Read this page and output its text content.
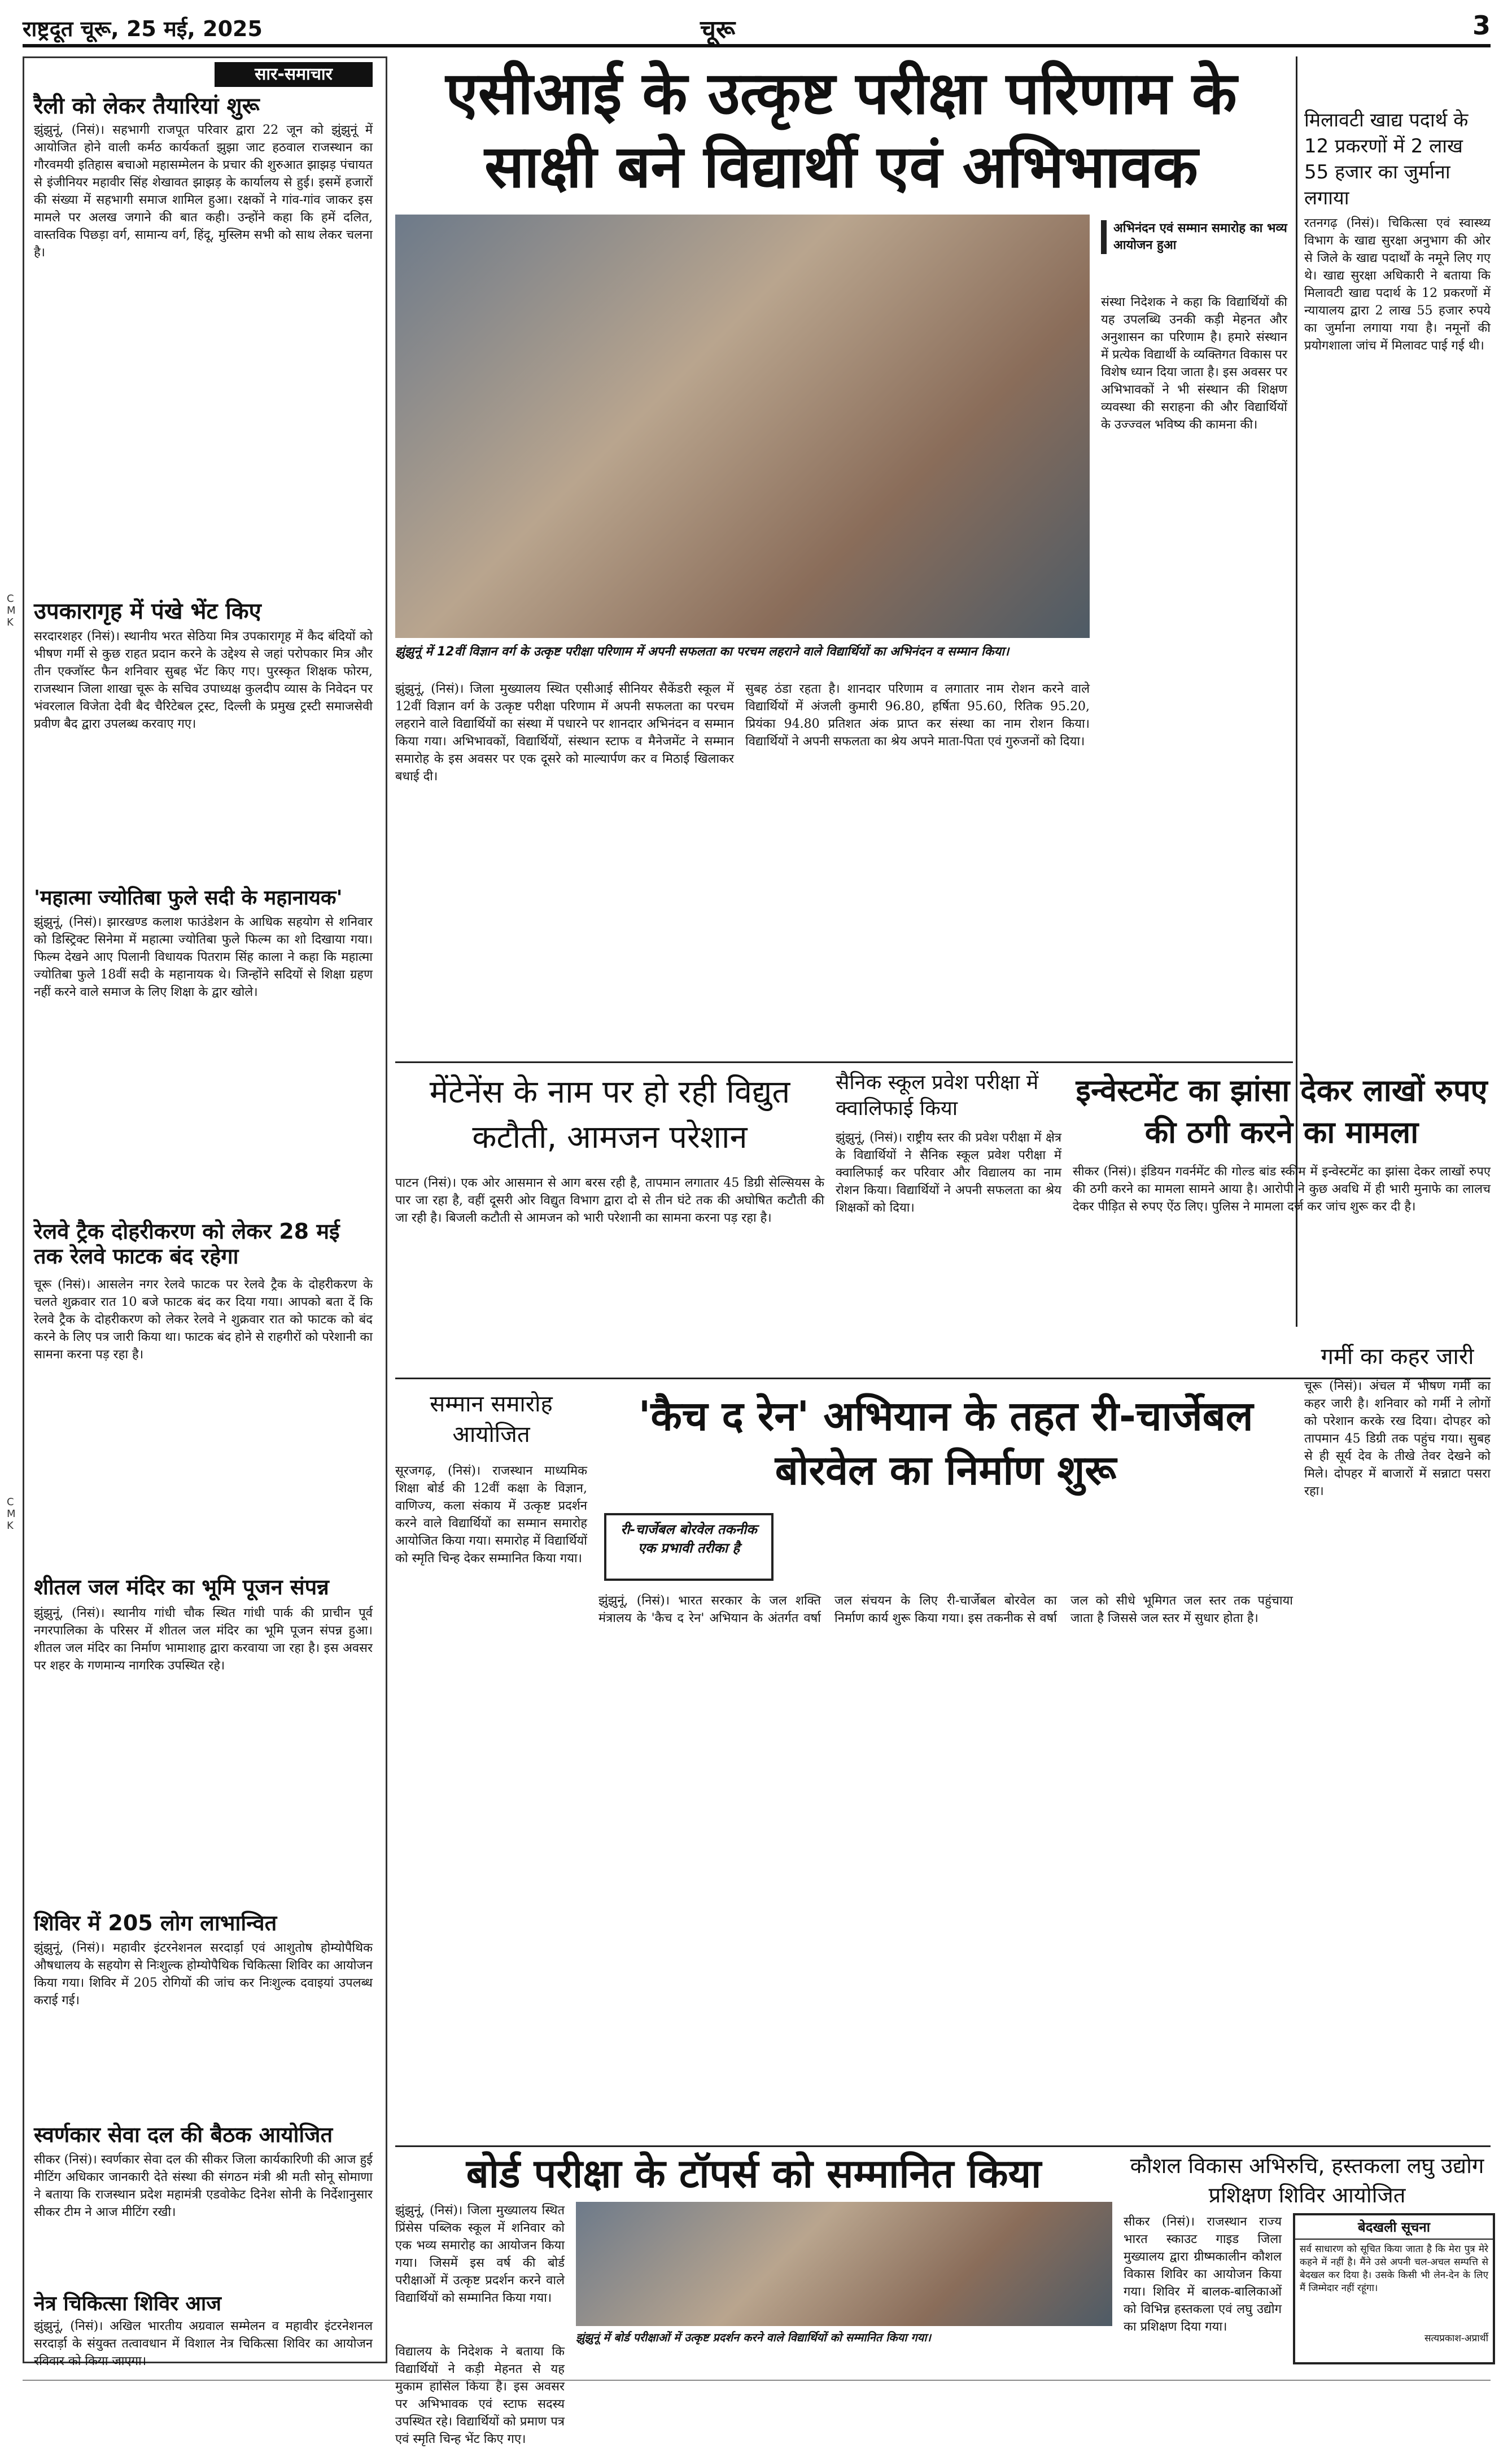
राष्ट्रदूत चूरू, 25 मई, 2025	चूरू	3
सार-समाचार
रैली को लेकर तैयारियां शुरू
झुंझुनूं, (निसं)। सहभागी राजपूत परिवार द्वारा 22 जून को झुंझुनूं में आयोजित होने वाली कर्मठ कार्यकर्ता झुझा जाट हठवाल राजस्थान का गौरवमयी इतिहास बचाओ महासम्मेलन के प्रचार की शुरुआत झाझड़ पंचायत से इंजीनियर महावीर सिंह शेखावत झाझड़ के कार्यालय से हुई। इसमें हजारों की संख्या में सहभागी समाज शामिल हुआ। रक्षकों ने गांव-गांव जाकर इस मामले पर अलख जगाने की बात कही। उन्होंने कहा कि हमें दलित, वास्तविक पिछड़ा वर्ग, सामान्य वर्ग, हिंदू, मुस्लिम सभी को साथ लेकर चलना है।
उपकारागृह में पंखे भेंट किए
सरदारशहर (निसं)। स्थानीय भरत सेठिया मित्र उपकारागृह में कैद बंदियों को भीषण गर्मी से कुछ राहत प्रदान करने के उद्देश्य से जहां परोपकार मित्र और तीन एक्जॉस्ट फैन शनिवार सुबह भेंट किए गए। पुरस्कृत शिक्षक फोरम, राजस्थान जिला शाखा चूरू के सचिव उपाध्यक्ष कुलदीप व्यास के निवेदन पर भंवरलाल विजेता देवी बैद चैरिटेबल ट्रस्ट, दिल्ली के प्रमुख ट्रस्टी समाजसेवी प्रवीण बैद द्वारा उपलब्ध करवाए गए।
'महात्मा ज्योतिबा फुले सदी के महानायक'
झुंझुनूं, (निसं)। झारखण्ड कलाश फाउंडेशन के आधिक सहयोग से शनिवार को डिस्ट्रिक्ट सिनेमा में महात्मा ज्योतिबा फुले फिल्म का शो दिखाया गया। फिल्म देखने आए पिलानी विधायक पितराम सिंह काला ने कहा कि महात्मा ज्योतिबा फुले 18वीं सदी के महानायक थे। जिन्होंने सदियों से शिक्षा ग्रहण नहीं करने वाले समाज के लिए शिक्षा के द्वार खोले।
रेलवे ट्रैक दोहरीकरण को लेकर 28 मई तक रेलवे फाटक बंद रहेगा
चूरू (निसं)। आसलेन नगर रेलवे फाटक पर रेलवे ट्रैक के दोहरीकरण के चलते शुक्रवार रात 10 बजे फाटक बंद कर दिया गया। आपको बता दें कि रेलवे ट्रैक के दोहरीकरण को लेकर रेलवे ने शुक्रवार रात को फाटक को बंद करने के लिए पत्र जारी किया था। फाटक बंद होने से राहगीरों को परेशानी का सामना करना पड़ रहा है।
शीतल जल मंदिर का भूमि पूजन संपन्न
झुंझुनूं, (निसं)। स्थानीय गांधी चौक स्थित गांधी पार्क की प्राचीन पूर्व नगरपालिका के परिसर में शीतल जल मंदिर का भूमि पूजन संपन्न हुआ। शीतल जल मंदिर का निर्माण भामाशाह द्वारा करवाया जा रहा है। इस अवसर पर शहर के गणमान्य नागरिक उपस्थित रहे।
शिविर में 205 लोग लाभान्वित
झुंझुनूं, (निसं)। महावीर इंटरनेशनल सरदार्ड़ा एवं आशुतोष होम्योपैथिक औषधालय के सहयोग से निःशुल्क होम्योपैथिक चिकित्सा शिविर का आयोजन किया गया। शिविर में 205 रोगियों की जांच कर निःशुल्क दवाइयां उपलब्ध कराई गई।
स्वर्णकार सेवा दल की बैठक आयोजित
सीकर (निसं)। स्वर्णकार सेवा दल की सीकर जिला कार्यकारिणी की आज हुई मीटिंग अधिकार जानकारी देते संस्था की संगठन मंत्री श्री मती सोनू सोमाणा ने बताया कि राजस्थान प्रदेश महामंत्री एडवोकेट दिनेश सोनी के निर्देशानुसार सीकर टीम ने आज मीटिंग रखी।
नेत्र चिकित्सा शिविर आज
झुंझुनूं, (निसं)। अखिल भारतीय अग्रवाल सम्मेलन व महावीर इंटरनेशनल सरदार्ड़ा के संयुक्त तत्वावधान में विशाल नेत्र चिकित्सा शिविर का आयोजन रविवार को किया जाएगा।
C
M
K
C
M
K
एसीआई के उत्कृष्ट परीक्षा परिणाम के साक्षी बने विद्यार्थी एवं अभिभावक
झुंझुनूं में 12वीं विज्ञान वर्ग के उत्कृष्ट परीक्षा परिणाम में अपनी सफलता का परचम लहराने वाले विद्यार्थियों का अभिनंदन व सम्मान किया।
अभिनंदन एवं सम्मान समारोह का भव्य आयोजन हुआ
संस्था निदेशक ने कहा कि विद्यार्थियों की यह उपलब्धि उनकी कड़ी मेहनत और अनुशासन का परिणाम है। हमारे संस्थान में प्रत्येक विद्यार्थी के व्यक्तिगत विकास पर विशेष ध्यान दिया जाता है। इस अवसर पर अभिभावकों ने भी संस्थान की शिक्षण व्यवस्था की सराहना की और विद्यार्थियों के उज्ज्वल भविष्य की कामना की।
झुंझुनूं, (निसं)। जिला मुख्यालय स्थित एसीआई सीनियर सैकेंडरी स्कूल में 12वीं विज्ञान वर्ग के उत्कृष्ट परीक्षा परिणाम में अपनी सफलता का परचम लहराने वाले विद्यार्थियों का संस्था में पधारने पर शानदार अभिनंदन व सम्मान किया गया। अभिभावकों, विद्यार्थियों, संस्थान स्टाफ व मैनेजमेंट ने सम्मान समारोह के इस अवसर पर एक दूसरे को माल्यार्पण कर व मिठाई खिलाकर बधाई दी।
सुबह ठंडा रहता है। शानदार परिणाम व लगातार नाम रोशन करने वाले विद्यार्थियों में अंजली कुमारी 96.80, हर्षिता 95.60, रितिक 95.20, प्रियंका 94.80 प्रतिशत अंक प्राप्त कर संस्था का नाम रोशन किया। विद्यार्थियों ने अपनी सफलता का श्रेय अपने माता-पिता एवं गुरुजनों को दिया।
मिलावटी खाद्य पदार्थ के 12 प्रकरणों में 2 लाख 55 हजार का जुर्माना लगाया
रतनगढ़ (निसं)। चिकित्सा एवं स्वास्थ्य विभाग के खाद्य सुरक्षा अनुभाग की ओर से जिले के खाद्य पदार्थों के नमूने लिए गए थे। खाद्य सुरक्षा अधिकारी ने बताया कि मिलावटी खाद्य पदार्थ के 12 प्रकरणों में न्यायालय द्वारा 2 लाख 55 हजार रुपये का जुर्माना लगाया गया है। नमूनों की प्रयोगशाला जांच में मिलावट पाई गई थी।
मेंटेनेंस के नाम पर हो रही विद्युत कटौती, आमजन परेशान
पाटन (निसं)। एक ओर आसमान से आग बरस रही है, तापमान लगातार 45 डिग्री सेल्सियस के पार जा रहा है, वहीं दूसरी ओर विद्युत विभाग द्वारा दो से तीन घंटे तक की अघोषित कटौती की जा रही है। बिजली कटौती से आमजन को भारी परेशानी का सामना करना पड़ रहा है।
सैनिक स्कूल प्रवेश परीक्षा में क्वालिफाई किया
झुंझुनूं, (निसं)। राष्ट्रीय स्तर की प्रवेश परीक्षा में क्षेत्र के विद्यार्थियों ने सैनिक स्कूल प्रवेश परीक्षा में क्वालिफाई कर परिवार और विद्यालय का नाम रोशन किया। विद्यार्थियों ने अपनी सफलता का श्रेय शिक्षकों को दिया।
इन्वेस्टमेंट का झांसा देकर लाखों रुपए की ठगी करने का मामला
सीकर (निसं)। इंडियन गवर्नमेंट की गोल्ड बांड स्कीम में इन्वेस्टमेंट का झांसा देकर लाखों रुपए की ठगी करने का मामला सामने आया है। आरोपी ने कुछ अवधि में ही भारी मुनाफे का लालच देकर पीड़ित से रुपए ऐंठ लिए। पुलिस ने मामला दर्ज कर जांच शुरू कर दी है।
सम्मान समारोह आयोजित
सूरजगढ़, (निसं)। राजस्थान माध्यमिक शिक्षा बोर्ड की 12वीं कक्षा के विज्ञान, वाणिज्य, कला संकाय में उत्कृष्ट प्रदर्शन करने वाले विद्यार्थियों का सम्मान समारोह आयोजित किया गया। समारोह में विद्यार्थियों को स्मृति चिन्ह देकर सम्मानित किया गया।
'कैच द रेन' अभियान के तहत री-चार्जेबल बोरवेल का निर्माण शुरू
री-चार्जेबल बोरवेल तकनीक एक प्रभावी तरीका है
झुंझुनूं, (निसं)। भारत सरकार के जल शक्ति मंत्रालय के 'कैच द रेन' अभियान के अंतर्गत वर्षा जल संचयन के लिए री-चार्जेबल बोरवेल का निर्माण कार्य शुरू किया गया। इस तकनीक से वर्षा जल को सीधे भूमिगत जल स्तर तक पहुंचाया जाता है जिससे जल स्तर में सुधार होता है।
गर्मी का कहर जारी
चूरू (निसं)। अंचल में भीषण गर्मी का कहर जारी है। शनिवार को गर्मी ने लोगों को परेशान करके रख दिया। दोपहर को तापमान 45 डिग्री तक पहुंच गया। सुबह से ही सूर्य देव के तीखे तेवर देखने को मिले। दोपहर में बाजारों में सन्नाटा पसरा रहा।
बोर्ड परीक्षा के टॉपर्स को सम्मानित किया
झुंझुनूं, (निसं)। जिला मुख्यालय स्थित प्रिंसेस पब्लिक स्कूल में शनिवार को एक भव्य समारोह का आयोजन किया गया। जिसमें इस वर्ष की बोर्ड परीक्षाओं में उत्कृष्ट प्रदर्शन करने वाले विद्यार्थियों को सम्मानित किया गया।
झुंझुनूं में बोर्ड परीक्षाओं में उत्कृष्ट प्रदर्शन करने वाले विद्यार्थियों को सम्मानित किया गया।
विद्यालय के निदेशक ने बताया कि विद्यार्थियों ने कड़ी मेहनत से यह मुकाम हासिल किया है। इस अवसर पर अभिभावक एवं स्टाफ सदस्य उपस्थित रहे। विद्यार्थियों को प्रमाण पत्र एवं स्मृति चिन्ह भेंट किए गए।
कौशल विकास अभिरुचि, हस्तकला लघु उद्योग प्रशिक्षण शिविर आयोजित
सीकर (निसं)। राजस्थान राज्य भारत स्काउट गाइड जिला मुख्यालय द्वारा ग्रीष्मकालीन कौशल विकास शिविर का आयोजन किया गया। शिविर में बालक-बालिकाओं को विभिन्न हस्तकला एवं लघु उद्योग का प्रशिक्षण दिया गया।
बेदखली सूचना
सर्व साधारण को सूचित किया जाता है कि मेरा पुत्र मेरे कहने में नहीं है। मैंने उसे अपनी चल-अचल सम्पत्ति से बेदखल कर दिया है। उसके किसी भी लेन-देन के लिए मैं जिम्मेदार नहीं रहूंगा।
सत्यप्रकाश-अप्रार्थी
